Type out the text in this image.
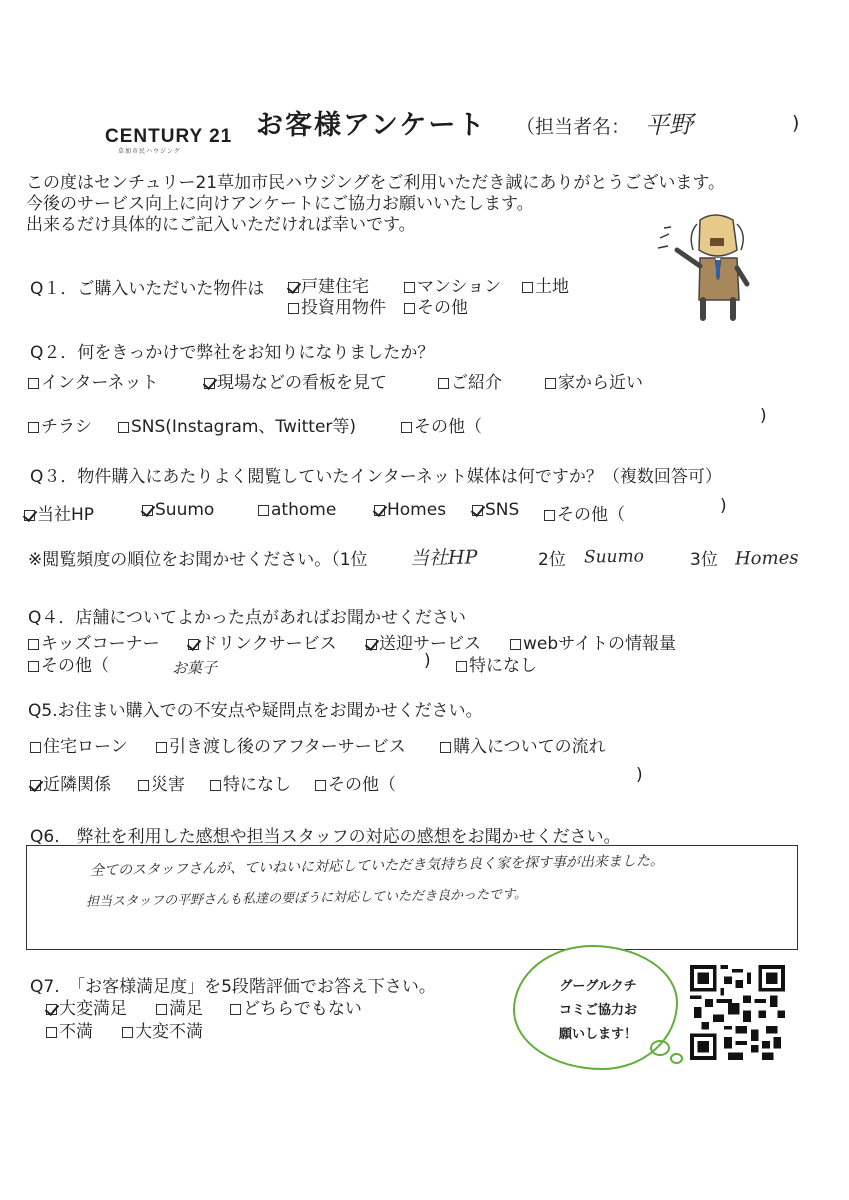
CENTURY 21
草加市民ハウジング
お客様アンケート （担当者名： 平野	)
この度はセンチュリー21草加市民ハウジングをご利用いただき誠にありがとうございます。
今後のサービス向上に向けアンケートにご協力お願いいたします。
出来るだけ具体的にご記入いただければ幸いです。
Q１．ご購入いただいた物件は	戸建住宅	マンション	土地
投資用物件	その他
Q２．何をきっかけで弊社をお知りになりましたか？
インターネット	現場などの看板を見て	ご紹介	家から近い
チラシ	SNS(Instagram、Twitter等)	その他（
)
Q３．物件購入にあたりよく閲覧していたインターネット媒体は何ですか？（複数回答可）
当社HP	Suumo	athome	Homes	SNS	その他（	)
※閲覧頻度の順位をお聞かせください。（1位 当社HP	2位 Suumo	3位 Homes
Q４．店舗についてよかった点があればお聞かせください
キッズコーナー	ドリンクサービス	送迎サービス	webサイトの情報量
その他（	お菓子	)	特になし
Q5.お住まい購入での不安点や疑問点をお聞かせください。
住宅ローン	引き渡し後のアフターサービス	購入についての流れ
近隣関係	災害	特になし	その他（	)
Q6.　弊社を利用した感想や担当スタッフの対応の感想をお聞かせください。
全てのスタッフさんが、ていねいに対応していただき気持ち良く家を探す事が出来ました。
担当スタッフの平野さんも私達の要ぼうに対応していただき良かったです。
Q7.　「お客様満足度」を5段階評価でお答え下さい。
大変満足	満足	どちらでもない
不満	大変不満
グーグルクチ
コミご協力お
願いします！
